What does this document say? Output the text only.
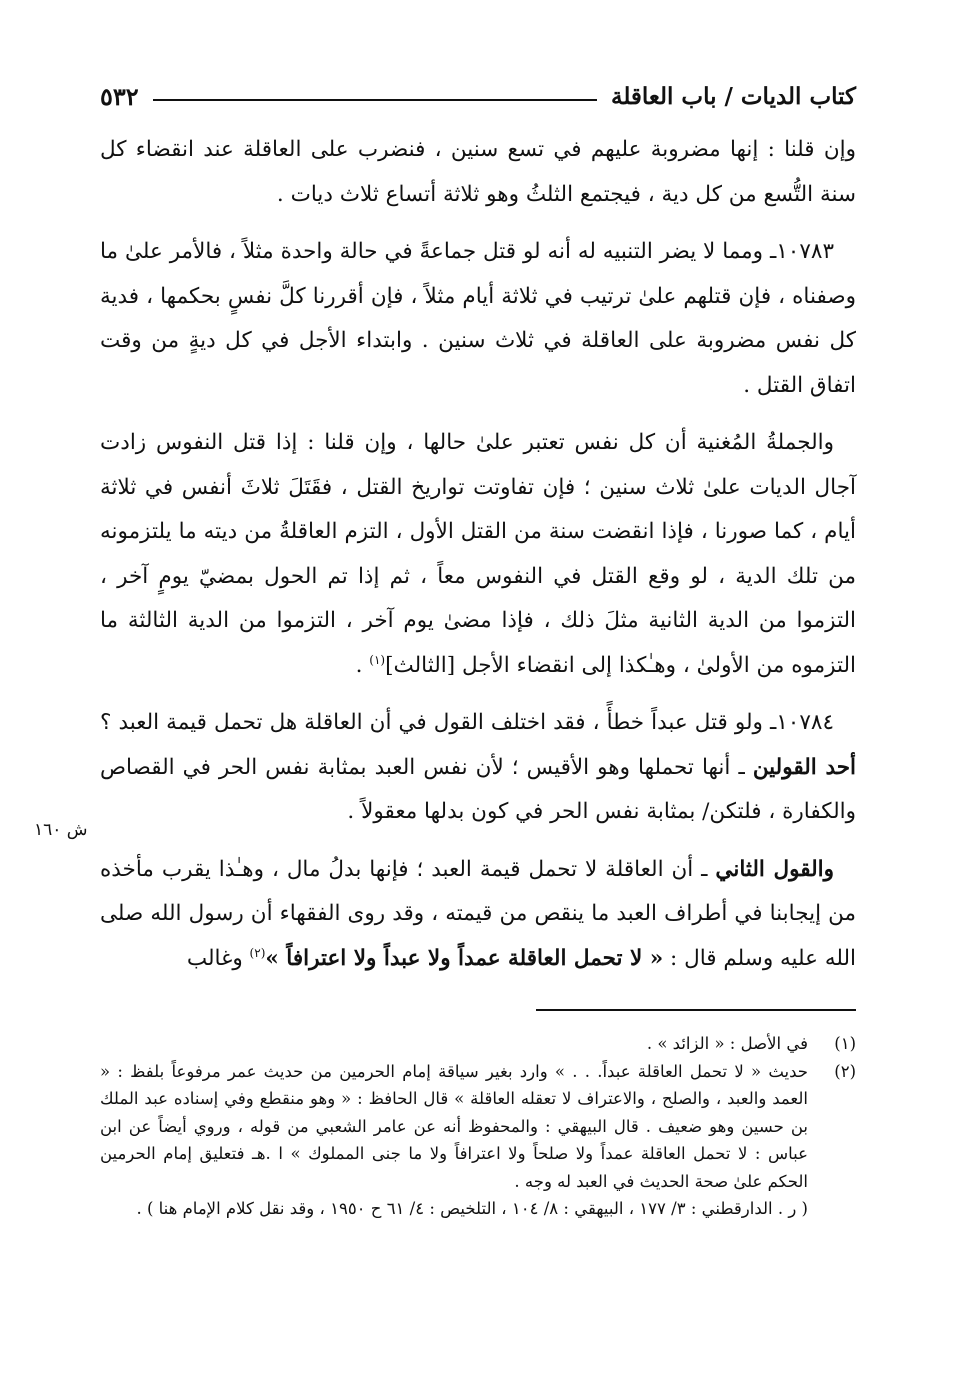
كتاب الديات / باب العاقلة
٥٣٢

وإن قلنا : إنها مضروبة عليهم في تسع سنين ، فنضرب على العاقلة عند انقضاء كل سنة التُّسع من كل دية ، فيجتمع الثلثُ وهو ثلاثة أتساع ثلاث ديات .

١٠٧٨٣ـ ومما لا يضر التنبيه له أنه لو قتل جماعةً في حالة واحدة مثلاً ، فالأمر علىٰ ما وصفناه ، فإن قتلهم علىٰ ترتيب في ثلاثة أيام مثلاً ، فإن أقررنا كلَّ نفسٍ بحكمها ، فدية كل نفس مضروبة على العاقلة في ثلاث سنين . وابتداء الأجل في كل ديةٍ من وقت اتفاق القتل .

والجملةُ المُغنية أن كل نفس تعتبر علىٰ حالها ، وإن قلنا : إذا قتل النفوس زادت آجال الديات علىٰ ثلاث سنين ؛ فإن تفاوتت تواريخ القتل ، فقَتَلَ ثلاثَ أنفس في ثلاثة أيام ، كما صورنا ، فإذا انقضت سنة من القتل الأول ، التزم العاقلةُ من ديته ما يلتزمونه من تلك الدية ، لو وقع القتل في النفوس معاً ، ثم إذا تم الحول بمضيّ يومٍ آخر ، التزموا من الدية الثانية مثلَ ذلك ، فإذا مضىٰ يوم آخر ، التزموا من الدية الثالثة ما التزموه من الأولىٰ ، وهـٰكذا إلى انقضاء الأجل [الثالث]$^{(١)}$ .

١٠٧٨٤ـ ولو قتل عبداً خطأً ، فقد اختلف القول في أن العاقلة هل تحمل قيمة العبد ؟ أحد القولين ـ أنها تحملها وهو الأقيس ؛ لأن نفس العبد بمثابة نفس الحر في القصاص والكفارة ، فلتكن/ بمثابة نفس الحر في كون بدلها معقولاً .

والقول الثاني ـ أن العاقلة لا تحمل قيمة العبد ؛ فإنها بدلُ مال ، وهـٰذا يقرب مأخذه من إيجابنا في أطراف العبد ما ينقص من قيمته ، وقد روى الفقهاء أن رسول الله صلى الله عليه وسلم قال : « لا تحمل العاقلة عمداً ولا عبداً ولا اعترافاً »$^{(٢)}$ وغالب

ش ١٦٠
(١)
في الأصل : « الزائد » .
(٢)
حديث « لا تحمل العاقلة عبداً. . . » وارد بغير سياقة إمام الحرمين من حديث عمر مرفوعاً بلفظ : « العمد والعبد ، والصلح ، والاعتراف لا تعقله العاقلة » قال الحافظ : « وهو منقطع وفي إسناده عبد الملك بن حسين وهو ضعيف . قال البيهقي : والمحفوظ أنه عن عامر الشعبي من قوله ، وروي أيضاً عن ابن عباس : لا تحمل العاقلة عمداً ولا صلحاً ولا اعترافاً ولا ما جنى المملوك » ا .هـ فتعليق إمام الحرمين الحكم علىٰ صحة الحديث في العبد له وجه .
( ر . الدارقطني : ٣/ ١٧٧ ، البيهقي : ٨/ ١٠٤ ، التلخيص : ٤/ ٦١ ح ١٩٥٠ ، وقد نقل كلام الإمام هنا ) .
